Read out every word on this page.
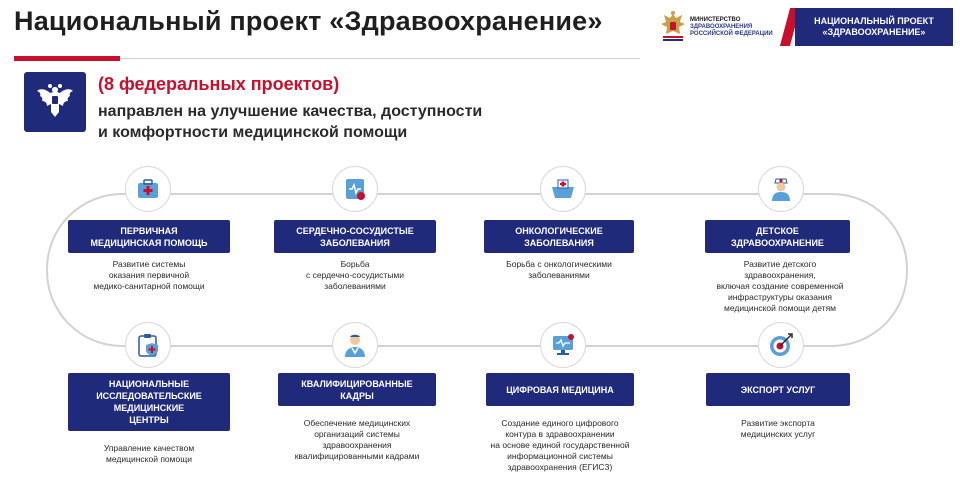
Национальный проект «Здравоохранение»	МИНИСТЕРСТВО
ЗДРАВООХРАНЕНИЯ
РОССИЙСКОЙ ФЕДЕРАЦИИ
НАЦИОНАЛЬНЫЙ ПРОЕКТ
«ЗДРАВООХРАНЕНИЕ»
(8 федеральных проектов)
направлен на улучшение качества, доступности
и комфортности медицинской помощи
ПЕРВИЧНАЯ
МЕДИЦИНСКАЯ ПОМОЩЬ
СЕРДЕЧНО-СОСУДИСТЫЕ
ЗАБОЛЕВАНИЯ
ОНКОЛОГИЧЕСКИЕ
ЗАБОЛЕВАНИЯ
ДЕТСКОЕ
ЗДРАВООХРАНЕНИЕ
Развитие системы
оказания первичной
медико-санитарной помощи
Борьба
с сердечно-сосудистыми
заболеваниями
Борьба с онкологическими
заболеваниями
Развитие детского
здравоохранения,
включая создание современной
инфраструктуры оказания
медицинской помощи детям
НАЦИОНАЛЬНЫЕ
ИССЛЕДОВАТЕЛЬСКИЕ
МЕДИЦИНСКИЕ
ЦЕНТРЫ
КВАЛИФИЦИРОВАННЫЕ
КАДРЫ
ЦИФРОВАЯ МЕДИЦИНА	ЭКСПОРТ УСЛУГ
Управление качеством
медицинской помощи
Обеспечение медицинских
организаций системы
здравоохранения
квалифицированными кадрами
Создание единого цифрового
контура в здравоохранении
на основе единой государственной
информационной системы
здравоохранения (ЕГИСЗ)
Развитие экспорта
медицинских услуг
